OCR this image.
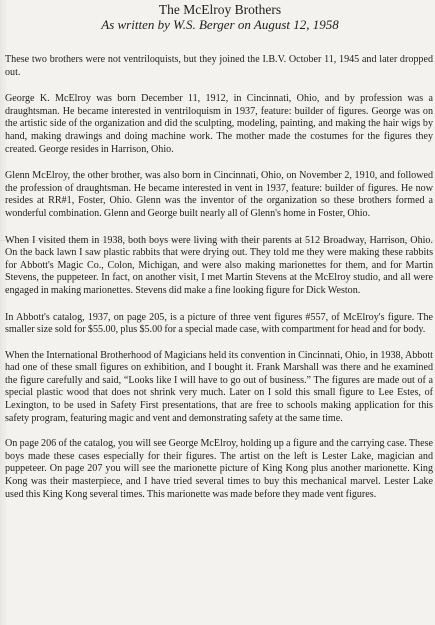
The McElroy Brothers
As written by W.S. Berger on August 12, 1958

These two brothers were not ventriloquists, but they joined the I.B.V. October 11, 1945 and later dropped out.

George K. McElroy was born December 11, 1912, in Cincinnati, Ohio, and by profession was a draughtsman. He became interested in ventriloquism in 1937, feature: builder of figures. George was on the artistic side of the organization and did the sculpting, modeling, painting, and making the hair wigs by hand, making drawings and doing machine work. The mother made the costumes for the figures they created. George resides in Harrison, Ohio.

Glenn McElroy, the other brother, was also born in Cincinnati, Ohio, on November 2, 1910, and followed the profession of draughtsman. He became interested in vent in 1937, feature: builder of figures. He now resides at RR#1, Foster, Ohio. Glenn was the inventor of the organization so these brothers formed a wonderful combination. Glenn and George built nearly all of Glenn's home in Foster, Ohio.

When I visited them in 1938, both boys were living with their parents at 512 Broadway, Harrison, Ohio. On the back lawn I saw plastic rabbits that were drying out. They told me they were making these rabbits for Abbott's Magic Co., Colon, Michigan, and were also making marionettes for them, and for Martin Stevens, the puppeteer. In fact, on another visit, I met Martin Stevens at the McElroy studio, and all were engaged in making marionettes. Stevens did make a fine looking figure for Dick Weston.

In Abbott's catalog, 1937, on page 205, is a picture of three vent figures #557, of McElroy's figure. The smaller size sold for $55.00, plus $5.00 for a special made case, with compartment for head and for body.

When the International Brotherhood of Magicians held its convention in Cincinnati, Ohio, in 1938, Abbott had one of these small figures on exhibition, and I bought it. Frank Marshall was there and he examined the figure carefully and said, “Looks like I will have to go out of business.” The figures are made out of a special plastic wood that does not shrink very much. Later on I sold this small figure to Lee Estes, of Lexington, to be used in Safety First presentations, that are free to schools making application for this safety program, featuring magic and vent and demonstrating safety at the same time.

On page 206 of the catalog, you will see George McElroy, holding up a figure and the carrying case. These boys made these cases especially for their figures. The artist on the left is Lester Lake, magician and puppeteer. On page 207 you will see the marionette picture of King Kong plus another marionette. King Kong was their masterpiece, and I have tried several times to buy this mechanical marvel. Lester Lake used this King Kong several times. This marionette was made before they made vent figures.
